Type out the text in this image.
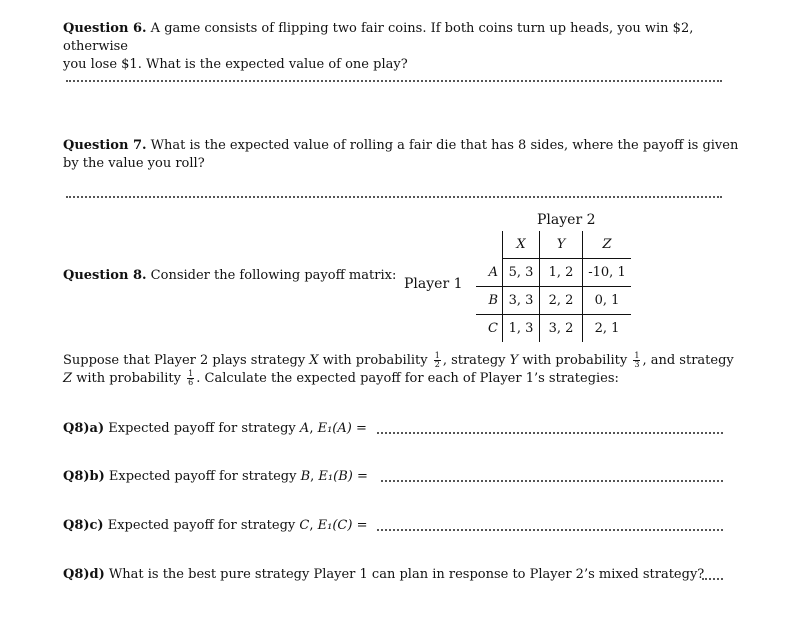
Question 6. A game consists of flipping two fair coins. If both coins turn up heads, you win $2, otherwise
you lose $1. What is the expected value of one play?
Question 7. What is the expected value of rolling a fair die that has 8 sides, where the payoff is given
by the value you roll?
Question 8. Consider the following payoff matrix:
Player 2
Player 1
	X	Y	Z
A	5, 3	1, 2	-10, 1
B	3, 3	2, 2	0, 1
C	1, 3	3, 2	2, 1
Suppose that Player 2 plays strategy X with probability $\frac{1}{2}$ , strategy Y with probability $\frac{1}{3}$ , and strategy
Z with probability $\frac{1}{6}$ . Calculate the expected payoff for each of Player 1’s strategies:
Q8)a) Expected payoff for strategy A, E₁(A) =
Q8)b) Expected payoff for strategy B, E₁(B) =
Q8)c) Expected payoff for strategy C, E₁(C) =
Q8)d) What is the best pure strategy Player 1 can plan in response to Player 2’s mixed strategy?
